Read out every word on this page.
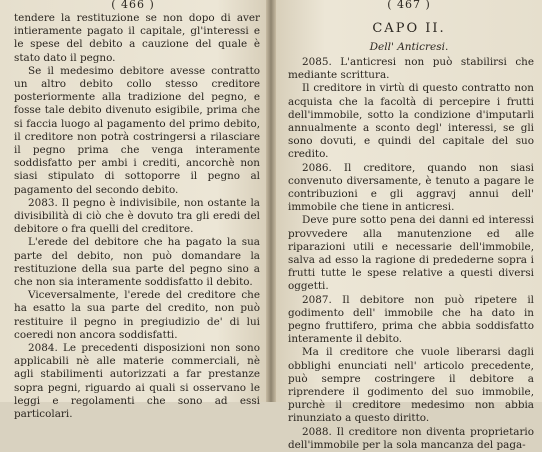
( 466 )

tendere la restituzione se non dopo di aver intieramente pagato il capitale, gl'interessi e le spese del debito a cauzione del quale è stato dato il pegno.

Se il medesimo debitore avesse contratto un altro debito collo stesso creditore posteriormente alla tradizione del pegno, e fosse tale debito divenuto esigibile, prima che si faccia luogo al pagamento del primo debito, il creditore non potrà costringersi a rilasciare il pegno prima che venga interamente soddisfatto per ambi i crediti, ancorchè non siasi stipulato di sottoporre il pegno al pagamento del secondo debito.

2083. Il pegno è indivisibile, non ostante la divisibilità di ciò che è dovuto tra gli eredi del debitore o fra quelli del creditore.

L'erede del debitore che ha pagato la sua parte del debito, non può domandare la restituzione della sua parte del pegno sino a che non sia interamente soddisfatto il debito.

Viceversalmente, l'erede del creditore che ha esatto la sua parte del credito, non può restituire il pegno in pregiudizio de' di lui coeredi non ancora soddisfatti.

2084. Le precedenti disposizioni non sono applicabili nè alle materie commerciali, nè agli stabilimenti autorizzati a far prestanze sopra pegni, riguardo ai quali si osservano le leggi e regolamenti che sono ad essi particolari.

( 467 )
CAPO II.
Dell' Anticresi.

2085. L'anticresi non può stabilirsi che mediante scrittura.

Il creditore in virtù di questo contratto non acquista che la facoltà di percepire i frutti dell'immobile, sotto la condizione d'imputarli annualmente a sconto degl' interessi, se gli sono dovuti, e quindi del capitale del suo credito.

2086. Il creditore, quando non siasi convenuto diversamente, è tenuto a pagare le contribuzioni e gli aggravj annui dell' immobile che tiene in anticresi.

Deve pure sotto pena dei danni ed interessi provvedere alla manutenzione ed alle riparazioni utili e necessarie dell'immobile, salva ad esso la ragione di predederne sopra i frutti tutte le spese relative a questi diversi oggetti.

2087. Il debitore non può ripetere il godimento dell' immobile che ha dato in pegno fruttifero, prima che abbia soddisfatto interamente il debito.

Ma il creditore che vuole liberarsi dagli obblighi enunciati nell' articolo precedente, può sempre costringere il debitore a riprendere il godimento del suo immobile, purchè il creditore medesimo non abbia rinunziato a questo diritto.

2088. Il creditore non diventa proprietario dell'immobile per la sola mancanza del paga-
